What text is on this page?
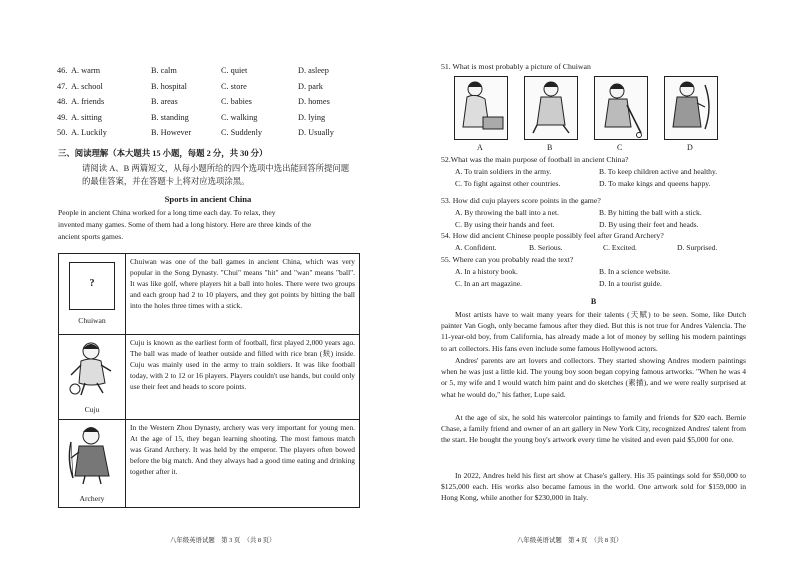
46. A. warm	B. calm	C. quiet	D. asleep
47. A. school	B. hospital	C. store	D. park
48. A. friends	B. areas	C. babies	D. homes
49. A. sitting	B. standing	C. walking	D. lying
50. A. Luckily	B. However	C. Suddenly	D. Usually
三、阅读理解（本大题共 15 小题，每题 2 分，共 30 分）
请阅读 A、B 两篇短文，从每小题所给的四个选项中选出能回答所提问题
的最佳答案，并在答题卡上将对应选项涂黑。
Sports in ancient China
People in ancient China worked for a long time each day. To relax, they
invented many games. Some of them had a long history. Here are three kinds of the
ancient sports games.
?
Chuiwan
Chuiwan was one of the ball games in ancient China, which was very popular in the Song Dynasty. "Chui" means "hit" and "wan" means "ball". It was like golf, where players hit a ball into holes. There were two groups and each group had 2 to 10 players, and they got points by hitting the ball into the holes three times with a stick.
Cuju
Cuju is known as the earliest form of football, first played 2,000 years ago. The ball was made of leather outside and filled with rice bran (麸) inside. Cuju was mainly used in the army to train soldiers. It was like football today, with 2 to 12 or 16 players. Players couldn't use hands, but could only use their feet and heads to score points.
Archery
In the Western Zhou Dynasty, archery was very important for young men. At the age of 15, they began learning shooting. The most famous match was Grand Archery. It was held by the emperor. The players often bowed before the big match. And they always had a good time eating and drinking together after it.
八年级英语试题　第 3 页　（共 8 页）
51. What is most probably a picture of Chuiwan
A	B	C	D
52.What was the main purpose of football in ancient China?
A. To train soldiers in the army.	B. To keep children active and healthy.
C. To fight against other countries.	D. To make kings and queens happy.
53. How did cuju players score points in the game?
A. By throwing the ball into a net.	B. By hitting the ball with a stick.
C. By using their hands and feet.	D. By using their feet and heads.
54. How did ancient Chinese people possibly feel after Grand Archery?
A. Confident.	B. Serious.	C. Excited.	D. Surprised.
55. Where can you probably read the text?
A. In a history book.	B. In a science website.
C. In an art magazine.	D. In a tourist guide.
B
Most artists have to wait many years for their talents (天赋) to be seen. Some, like Dutch painter Van Gogh, only became famous after they died. But this is not true for Andres Valencia. The 11-year-old boy, from California, has already made a lot of money by selling his modern paintings to art collectors. His fans even include some famous Hollywood actors.
Andres' parents are art lovers and collectors. They started showing Andres modern paintings when he was just a little kid. The young boy soon began copying famous artworks. "When he was 4 or 5, my wife and I would watch him paint and do sketches (素描), and we were really surprised at what he would do," his father, Lupe said.
At the age of six, he sold his watercolor paintings to family and friends for $20 each. Bernie Chase, a family friend and owner of an art gallery in New York City, recognized Andres' talent from the start. He bought the young boy's artwork every time he visited and even paid $5,000 for one.
In 2022, Andres held his first art show at Chase's gallery. His 35 paintings sold for $50,000 to $125,000 each. His works also became famous in the world. One artwork sold for $159,000 in Hong Kong, while another for $230,000 in Italy.
八年级英语试题　第 4 页　（共 8 页）
